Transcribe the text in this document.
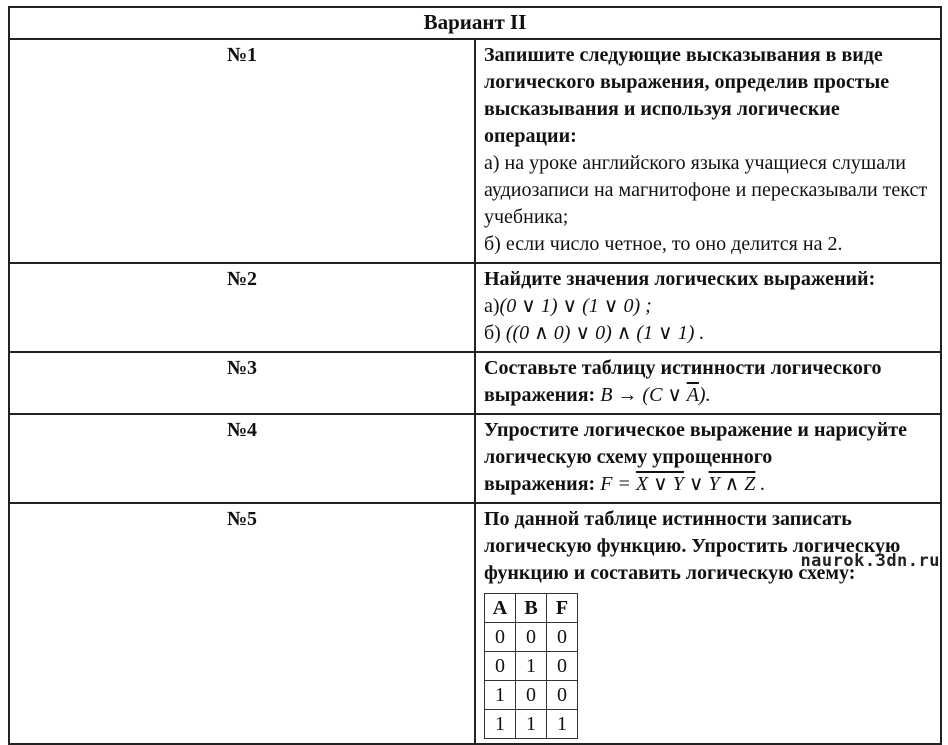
Вариант II
№1	Запишите следующие высказывания в виде логического выражения, определив простые высказывания и используя логические операции:
а) на уроке английского языка учащиеся слушали аудиозаписи на магнитофоне и пересказывали текст учебника;
б) если число четное, то оно делится на 2.

№2	Найдите значения логических выражений:
а)(0 ∨ 1) ∨ (1 ∨ 0) ;
б) ((0 ∧ 0) ∨ 0) ∧ (1 ∨ 1) .

№3	Составьте таблицу истинности логического выражения: B → (C ∨ $\overline{A}$).
№4	Упростите логическое выражение и нарисуйте логическую схему упрощенного
выражения: F = X ∨ Y ∨ Y ∧ Z .

№5	По данной таблице истинности записать логическую функцию. Упростить логическую функцию и составить логическую схему:
A	B	F
0	0	0
0	1	0
1	0	0
1	1	1
naurok.3dn.ru
